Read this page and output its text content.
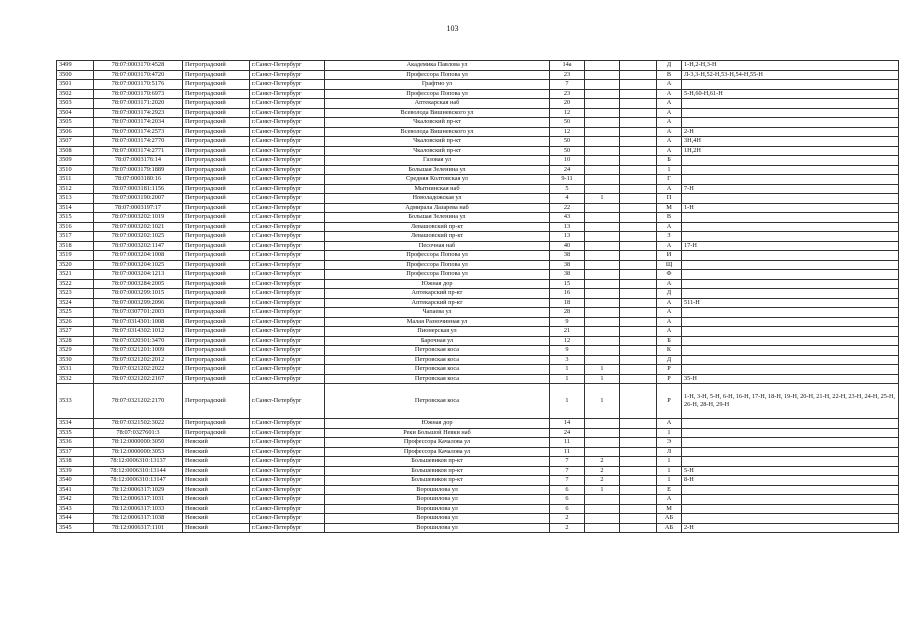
103
3499	78:07:0003170:4528	Петроградский	г.Санкт-Петербург	Академика Павлова ул	14а			Д	1-Н,2-Н,3-Н
3500	78:07:0003170:4720	Петроградский	г.Санкт-Петербург	Профессора Попова ул	23			В	Л-3,3-Н,52-Н,53-Н,54-Н,55-Н
3501	78:07:0003170:5176	Петроградский	г.Санкт-Петербург	Графтио ул	7			А	
3502	78:07:0003170:6973	Петроградский	г.Санкт-Петербург	Профессора Попова ул	23			А	5-Н,60-Н,61-Н
3503	78:07:0003171:2020	Петроградский	г.Санкт-Петербург	Аптекарская наб	20			А	
3504	78:07:0003174:2923	Петроградский	г.Санкт-Петербург	Всеволода Вишневского ул	12			А	
3505	78:07:0003174:2034	Петроградский	г.Санкт-Петербург	Чкаловский пр-кт	50			А	
3506	78:07:0003174:2573	Петроградский	г.Санкт-Петербург	Всеволода Вишневского ул	12			А	2-Н
3507	78:07:0003174:2770	Петроградский	г.Санкт-Петербург	Чкаловский пр-кт	50			А	3Н,4Н
3508	78:07:0003174:2771	Петроградский	г.Санкт-Петербург	Чкаловский пр-кт	50			А	1Н,2Н
3509	78:07:0003176:14	Петроградский	г.Санкт-Петербург	Газовая ул	10			Б	
3510	78:07:0003179:1889	Петроградский	г.Санкт-Петербург	Большая Зеленина ул	24			1	
3511	78:07:0003180:16	Петроградский	г.Санкт-Петербург	Средняя Колтовская ул	9-11			Г	
3512	78:07:0003181:1156	Петроградский	г.Санкт-Петербург	Мытнинская наб	5			А	7-Н
3513	78:07:0003190:2007	Петроградский	г.Санкт-Петербург	Новоладожская ул	4	1		П	
3514	78:07:0003197:17	Петроградский	г.Санкт-Петербург	Адмирала Лазарева наб	22			М	1-Н
3515	78:07:0003202:1019	Петроградский	г.Санкт-Петербург	Большая Зеленина ул	43			В	
3516	78:07:0003202:1021	Петроградский	г.Санкт-Петербург	Левашовский пр-кт	13			А	
3517	78:07:0003202:1025	Петроградский	г.Санкт-Петербург	Левашовский пр-кт	13			З	
3518	78:07:0003202:1147	Петроградский	г.Санкт-Петербург	Песочная наб	40			А	17-Н
3519	78:07:0003204:1008	Петроградский	г.Санкт-Петербург	Профессора Попова ул	38			И	
3520	78:07:0003204:1025	Петроградский	г.Санкт-Петербург	Профессора Попова ул	38			Щ	
3521	78:07:0003204:1213	Петроградский	г.Санкт-Петербург	Профессора Попова ул	38			Ф	
3522	78:07:0003284:2005	Петроградский	г.Санкт-Петербург	Южная дор	15			А	
3523	78:07:0003299:1015	Петроградский	г.Санкт-Петербург	Аптекарский пр-кт	16			Д	
3524	78:07:0003299:2096	Петроградский	г.Санкт-Петербург	Аптекарский пр-кт	18			А	511-Н
3525	78:07:0307701:2003	Петроградский	г.Санкт-Петербург	Чапаева ул	28			А	
3526	78:07:0314301:1008	Петроградский	г.Санкт-Петербург	Малая Разночинная ул	9			А	
3527	78:07:0314302:1012	Петроградский	г.Санкт-Петербург	Пионерская ул	21			А	
3528	78:07:0320301:3470	Петроградский	г.Санкт-Петербург	Барочная ул	12			Б	
3529	78:07:0321201:1009	Петроградский	г.Санкт-Петербург	Петровская коса	9			К	
3530	78:07:0321202:2012	Петроградский	г.Санкт-Петербург	Петровская коса	3			Д	
3531	78:07:0321202:2022	Петроградский	г.Санкт-Петербург	Петровская коса	1	1		Р	
3532	78:07:0321202:2167	Петроградский	г.Санкт-Петербург	Петровская коса	1	1		Р	35-Н
3533	78:07:0321202:2170	Петроградский	г.Санкт-Петербург	Петровская коса	1	1		Р	1-Н, 3-Н, 5-Н, 6-Н, 16-Н, 17-Н, 18-Н, 19-Н, 20-Н, 21-Н, 22-Н, 23-Н, 24-Н, 25-Н, 26-Н, 28-Н, 29-Н
3534	78:07:0321502:3022	Петроградский	г.Санкт-Петербург	Южная дор	14			А	
3535	78:07:0327601:3	Петроградский	г.Санкт-Петербург	Реки Большой Невки наб	24			1	
3536	78:12:0000000:3050	Невский	г.Санкт-Петербург	Профессора Качалова ул	11			Э	
3537	78:12:0000000:3053	Невский	г.Санкт-Петербург	Профессора Качалова ул	11			Л	
3538	78:12:0006310:13137	Невский	г.Санкт-Петербург	Большевиков пр-кт	7	2		1	
3539	78:12:0006310:13144	Невский	г.Санкт-Петербург	Большевиков пр-кт	7	2		1	5-Н
3540	78:12:0006310:13147	Невский	г.Санкт-Петербург	Большевиков пр-кт	7	2		1	8-Н
3541	78:12:0006317:1029	Невский	г.Санкт-Петербург	Ворошилова ул	6	1		Е	
3542	78:12:0006317:1031	Невский	г.Санкт-Петербург	Ворошилова ул	6			А	
3543	78:12:0006317:1033	Невский	г.Санкт-Петербург	Ворошилова ул	6			М	
3544	78:12:0006317:1038	Невский	г.Санкт-Петербург	Ворошилова ул	2			АБ	
3545	78:12:0006317:1101	Невский	г.Санкт-Петербург	Ворошилова ул	2			АБ	2-Н
